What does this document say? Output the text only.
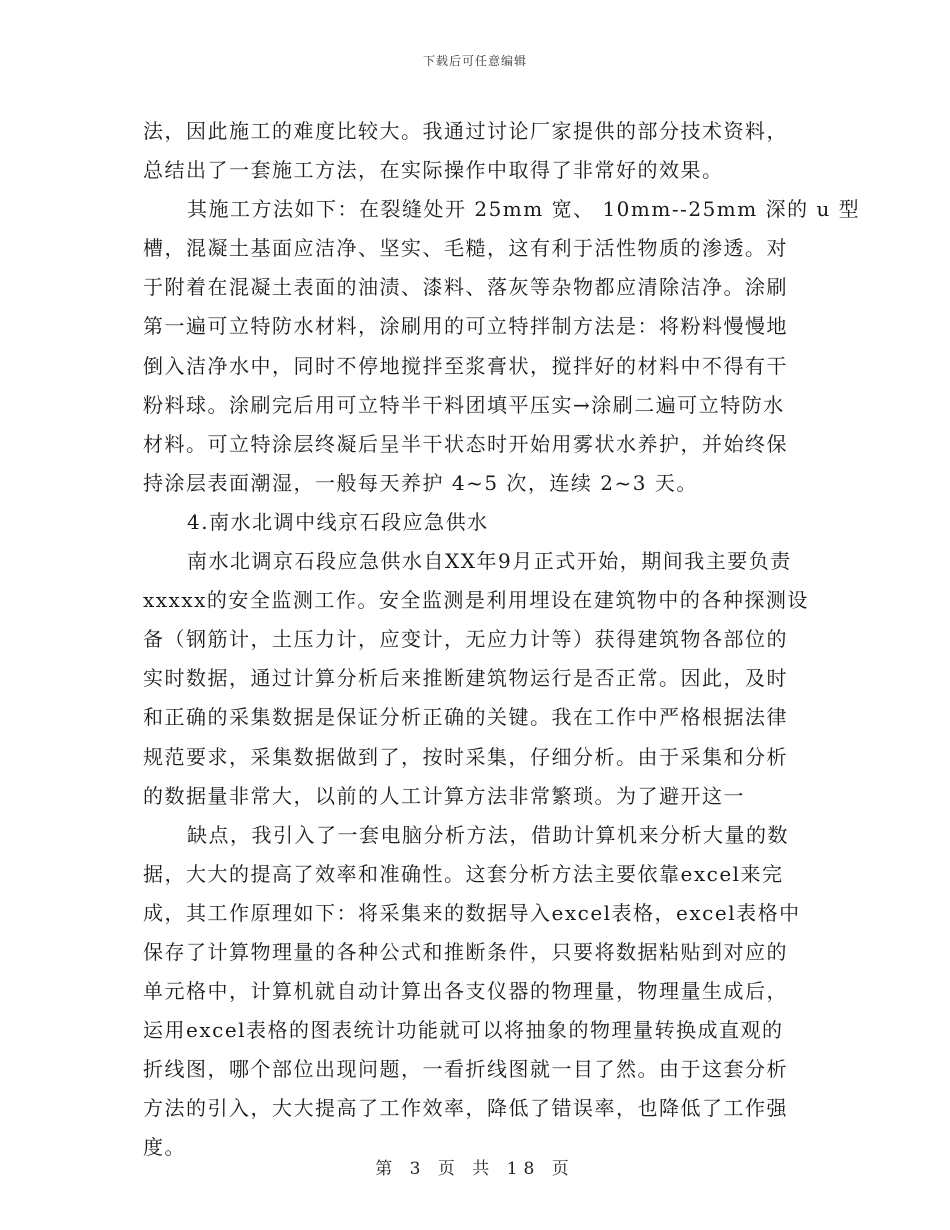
下载后可任意编辑
法，因此施工的难度比较大。我通过讨论厂家提供的部分技术资料，
总结出了一套施工方法，在实际操作中取得了非常好的效果。
其施工方法如下：在裂缝处开 25mm 宽、 10mm--25mm 深的 u 型
槽，混凝土基面应洁净、坚实、毛糙，这有利于活性物质的渗透。对
于附着在混凝土表面的油渍、漆料、落灰等杂物都应清除洁净。涂刷
第一遍可立特防水材料，涂刷用的可立特拌制方法是：将粉料慢慢地
倒入洁净水中，同时不停地搅拌至浆膏状，搅拌好的材料中不得有干
粉料球。涂刷完后用可立特半干料团填平压实→涂刷二遍可立特防水
材料。可立特涂层终凝后呈半干状态时开始用雾状水养护，并始终保
持涂层表面潮湿，一般每天养护 4~5 次，连续 2~3 天。
4.南水北调中线京石段应急供水
南水北调京石段应急供水自XX年9月正式开始，期间我主要负责
xxxxx的安全监测工作。安全监测是利用埋设在建筑物中的各种探测设
备（钢筋计，土压力计，应变计，无应力计等）获得建筑物各部位的
实时数据，通过计算分析后来推断建筑物运行是否正常。因此，及时
和正确的采集数据是保证分析正确的关键。我在工作中严格根据法律
规范要求，采集数据做到了，按时采集，仔细分析。由于采集和分析
的数据量非常大，以前的人工计算方法非常繁琐。为了避开这一
缺点，我引入了一套电脑分析方法，借助计算机来分析大量的数
据，大大的提高了效率和准确性。这套分析方法主要依靠excel来完
成，其工作原理如下：将采集来的数据导入excel表格，excel表格中
保存了计算物理量的各种公式和推断条件，只要将数据粘贴到对应的
单元格中，计算机就自动计算出各支仪器的物理量，物理量生成后，
运用excel表格的图表统计功能就可以将抽象的物理量转换成直观的
折线图，哪个部位出现问题，一看折线图就一目了然。由于这套分析
方法的引入，大大提高了工作效率，降低了错误率，也降低了工作强
度。
第 3 页 共 18 页
